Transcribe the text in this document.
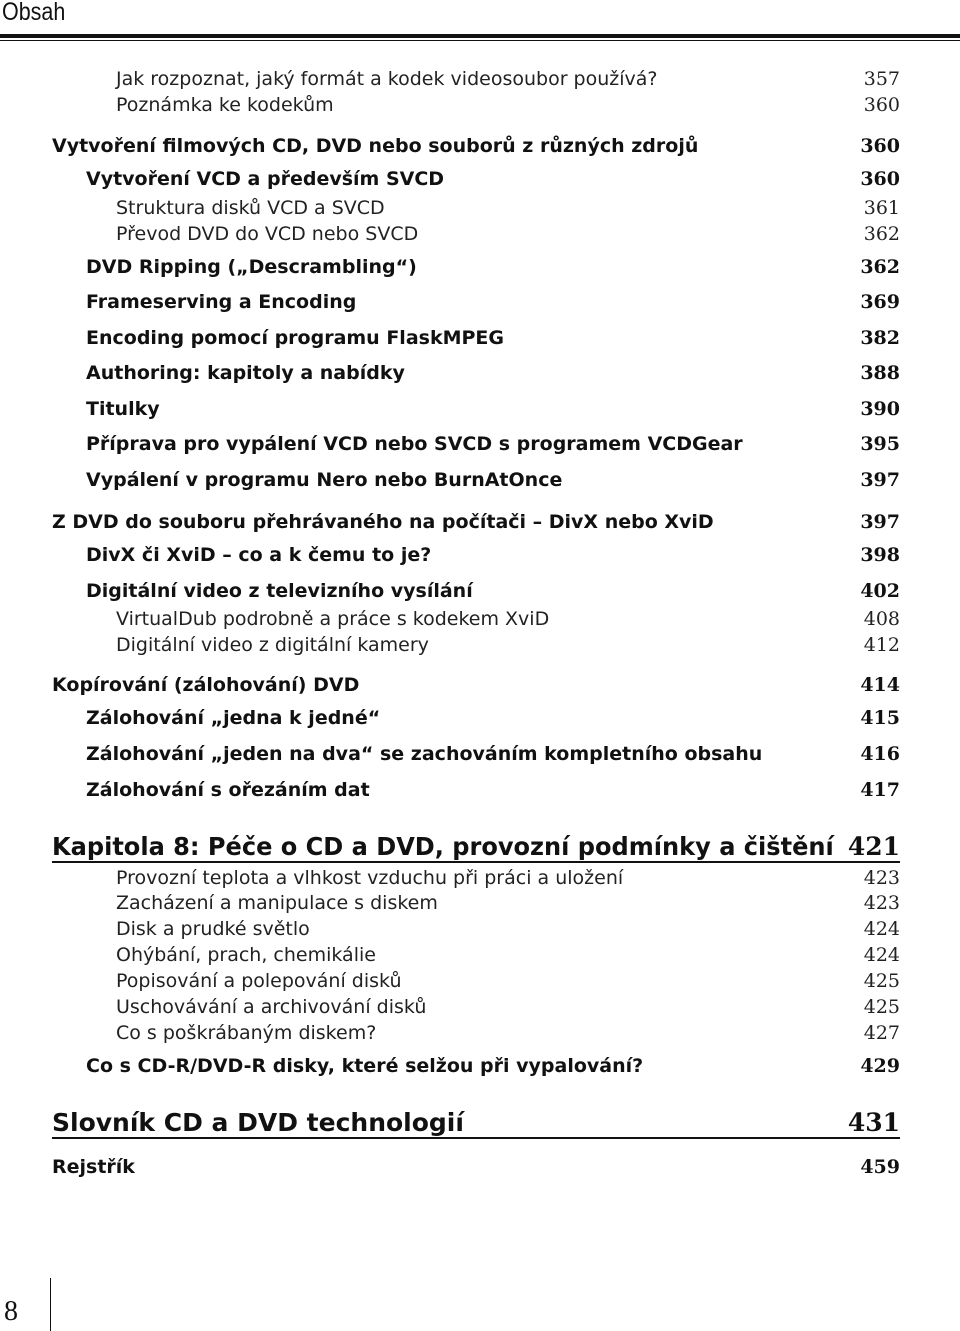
Obsah
Jak rozpoznat, jaký formát a kodek videosoubor používá?	357
Poznámka ke kodekům	360
Vytvoření filmových CD, DVD nebo souborů z různých zdrojů	360
Vytvoření VCD a především SVCD	360
Struktura disků VCD a SVCD	361
Převod DVD do VCD nebo SVCD	362
DVD Ripping („Descrambling“)	362
Frameserving a Encoding	369
Encoding pomocí programu FlaskMPEG	382
Authoring: kapitoly a nabídky	388
Titulky	390
Příprava pro vypálení VCD nebo SVCD s programem VCDGear	395
Vypálení v programu Nero nebo BurnAtOnce	397
Z DVD do souboru přehrávaného na počítači – DivX nebo XviD	397
DivX či XviD – co a k čemu to je?	398
Digitální video z televizního vysílání	402
VirtualDub podrobně a práce s kodekem XviD	408
Digitální video z digitální kamery	412
Kopírování (zálohování) DVD	414
Zálohování „jedna k jedné“	415
Zálohování „jeden na dva“ se zachováním kompletního obsahu	416
Zálohování s ořezáním dat	417
Kapitola 8: Péče o CD a DVD, provozní podmínky a čištění 421
Provozní teplota a vlhkost vzduchu při práci a uložení	423
Zacházení a manipulace s diskem	423
Disk a prudké světlo	424
Ohýbání, prach, chemikálie	424
Popisování a polepování disků	425
Uschovávání a archivování disků	425
Co s poškrábaným diskem?	427
Co s CD-R/DVD-R disky, které selžou při vypalování?	429
Slovník CD a DVD technologií	431
Rejstřík	459
8
